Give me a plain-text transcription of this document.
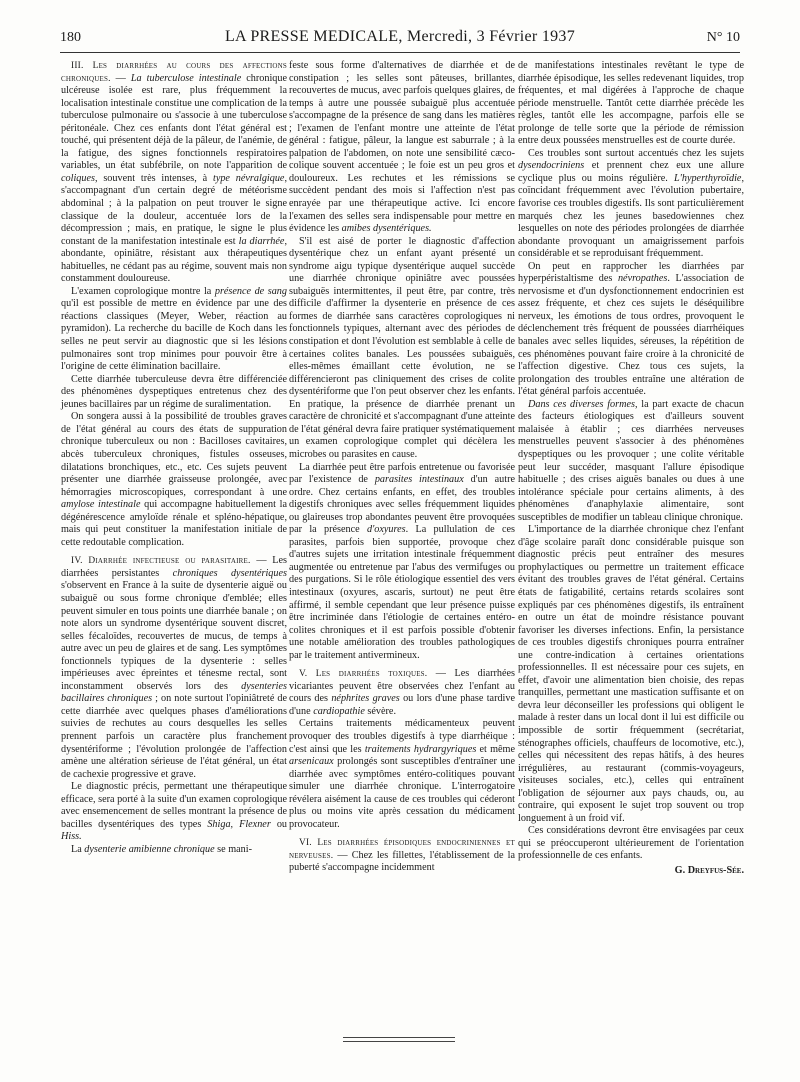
180	LA PRESSE MEDICALE, Mercredi, 3 Février 1937	N° 10

III. Les diarrhées au cours des affections chroniques. — La tuberculose intestinale chronique ulcéreuse isolée est rare, plus fréquemment la localisation intestinale constitue une complication de la tuberculose pulmonaire ou s'associe à une tuberculose péritonéale. Chez ces enfants dont l'état général est touché, qui présentent déjà de la pâleur, de l'anémie, de la fatigue, des signes fonctionnels respiratoires variables, un état subfébrile, on note l'apparition de coliques, souvent très intenses, à type névralgique, s'accompagnant d'un certain degré de météorisme abdominal ; à la palpation on peut trouver le signe classique de la douleur, accentuée lors de la décompression ; mais, en pratique, le signe le plus constant de la manifestation intestinale est la diarrhée, abondante, opiniâtre, résistant aux thérapeutiques habituelles, ne cédant pas au régime, souvent mais non constamment douloureuse.

L'examen coprologique montre la présence de sang qu'il est possible de mettre en évidence par une des réactions classiques (Meyer, Weber, réaction au pyramidon). La recherche du bacille de Koch dans les selles ne peut servir au diagnostic que si les lésions pulmonaires sont trop minimes pour pouvoir être à l'origine de cette élimination bacillaire.

Cette diarrhée tuberculeuse devra être différenciée des phénomènes dyspeptiques entretenus chez des jeunes bacillaires par un régime de suralimentation.

On songera aussi à la possibilité de troubles graves de l'état général au cours des états de suppuration chronique tuberculeux ou non : Bacilloses cavitaires, abcès tuberculeux chroniques, fistules osseuses, dilatations bronchiques, etc., etc. Ces sujets peuvent présenter une diarrhée graisseuse prolongée, avec hémorragies microscopiques, correspondant à une amylose intestinale qui accompagne habituellement la dégénérescence amyloïde rénale et spléno-hépatique, mais qui peut constituer la manifestation initiale de cette redoutable complication.

IV. Diarrhée infectieuse ou parasitaire. — Les diarrhées persistantes chroniques dysentériques s'observent en France à la suite de dysenterie aiguë ou subaiguë ou sous forme chronique d'emblée; elles peuvent simuler en tous points une diarrhée banale ; on note alors un syndrome dysentérique souvent discret, selles fécaloïdes, recouvertes de mucus, de temps à autre avec un peu de glaires et de sang. Les symptômes fonctionnels typiques de la dysenterie : selles impérieuses avec épreintes et ténesme rectal, sont inconstamment observés lors des dysenteries bacillaires chroniques ; on note surtout l'opiniâtreté de cette diarrhée avec quelques phases d'améliorations suivies de rechutes au cours desquelles les selles prennent parfois un caractère plus franchement dysentériforme ; l'évolution prolongée de l'affection amène une altération sérieuse de l'état général, un état de cachexie progressive et grave.

Le diagnostic précis, permettant une thérapeutique efficace, sera porté à la suite d'un examen coprologique avec ensemencement de selles montrant la présence de bacilles dysentériques des types Shiga, Flexner ou Hiss.

La dysenterie amibienne chronique se mani-

feste sous forme d'alternatives de diarrhée et de constipation ; les selles sont pâteuses, brillantes, recouvertes de mucus, avec parfois quelques glaires, de temps à autre une poussée subaiguë plus accentuée s'accompagne de la présence de sang dans les matières ; l'examen de l'enfant montre une atteinte de l'état général : fatigue, pâleur, la langue est saburrale ; à la palpation de l'abdomen, on note une sensibilité cæco-colique souvent accentuée ; le foie est un peu gros et douloureux. Les rechutes et les rémissions se succèdent pendant des mois si l'affection n'est pas enrayée par une thérapeutique active. Ici encore l'examen des selles sera indispensable pour mettre en évidence les amibes dysentériques.

S'il est aisé de porter le diagnostic d'affection dysentérique chez un enfant ayant présenté un syndrome aigu typique dysentérique auquel succède une diarrhée chronique opiniâtre avec poussées subaiguës intermittentes, il peut être, par contre, très difficile d'affirmer la dysenterie en présence de ces formes de diarrhée sans caractères coprologiques ni fonctionnels typiques, alternant avec des périodes de constipation et dont l'évolution est semblable à celle de certaines colites banales. Les poussées subaiguës, elles-mêmes émaillant cette évolution, ne se différencieront pas cliniquement des crises de colite dysentériforme que l'on peut observer chez les enfants. En pratique, la présence de diarrhée prenant un caractère de chronicité et s'accompagnant d'une atteinte de l'état général devra faire pratiquer systématiquement un examen coprologique complet qui décèlera les microbes ou parasites en cause.

La diarrhée peut être parfois entretenue ou favorisée par l'existence de parasites intestinaux d'un autre ordre. Chez certains enfants, en effet, des troubles digestifs chroniques avec selles fréquemment liquides ou glaireuses trop abondantes peuvent être provoquées par la présence d'oxyures. La pullulation de ces parasites, parfois bien supportée, provoque chez d'autres sujets une irritation intestinale fréquemment augmentée ou entretenue par l'abus des vermifuges ou des purgations. Si le rôle étiologique essentiel des vers intestinaux (oxyures, ascaris, surtout) ne peut être affirmé, il semble cependant que leur présence puisse être incriminée dans l'étiologie de certaines entéro-colites chroniques et il est parfois possible d'obtenir une notable amélioration des troubles pathologiques par le traitement antivermineux.

V. Les diarrhées toxiques. — Les diarrhées vicariantes peuvent être observées chez l'enfant au cours des néphrites graves ou lors d'une phase tardive d'une cardiopathie sévère.

Certains traitements médicamenteux peuvent provoquer des troubles digestifs à type diarrhéique : c'est ainsi que les traitements hydrargyriques et même arsenicaux prolongés sont susceptibles d'entraîner une diarrhée avec symptômes entéro-colitiques pouvant simuler une diarrhée chronique. L'interrogatoire révélera aisément la cause de ces troubles qui céderont plus ou moins vite après cessation du médicament provocateur.

VI. Les diarrhées épisodiques endocriniennes et nerveuses. — Chez les fillettes, l'établissement de la puberté s'accompagne incidemment

de manifestations intestinales revêtant le type de diarrhée épisodique, les selles redevenant liquides, trop fréquentes, et mal digérées à l'approche de chaque période menstruelle. Tantôt cette diarrhée précède les règles, tantôt elle les accompagne, parfois elle se prolonge de telle sorte que la période de rémission entre deux poussées menstruelles est de courte durée.

Ces troubles sont surtout accentués chez les sujets dysendocriniens et prennent chez eux une allure cyclique plus ou moins régulière. L'hyperthyroïdie, coïncidant fréquemment avec l'évolution pubertaire, favorise ces troubles digestifs. Ils sont particulièrement marqués chez les jeunes basedowiennes chez lesquelles on note des périodes prolongées de diarrhée abondante provoquant un amaigrissement parfois considérable et se reproduisant fréquemment.

On peut en rapprocher les diarrhées par hyperpéristaltisme des névropathes. L'association de nervosisme et d'un dysfonctionnement endocrinien est assez fréquente, et chez ces sujets le déséquilibre nerveux, les émotions de tous ordres, provoquent le déclenchement très fréquent de poussées diarrhéiques banales avec selles liquides, séreuses, la répétition de ces phénomènes pouvant faire croire à la chronicité de l'affection digestive. Chez tous ces sujets, la prolongation des troubles entraîne une altération de l'état général parfois accentuée.

Dans ces diverses formes, la part exacte de chacun des facteurs étiologiques est d'ailleurs souvent malaisée à établir ; ces diarrhées nerveuses menstruelles peuvent s'associer à des phénomènes dyspeptiques ou les provoquer ; une colite véritable peut leur succéder, masquant l'allure épisodique habituelle ; des crises aiguës banales ou dues à une intolérance spéciale pour certains aliments, à des phénomènes d'anaphylaxie alimentaire, sont susceptibles de modifier un tableau clinique chronique.

L'importance de la diarrhée chronique chez l'enfant d'âge scolaire paraît donc considérable puisque son diagnostic précis peut entraîner des mesures prophylactiques ou permettre un traitement efficace évitant des troubles graves de l'état général. Certains états de fatigabilité, certains retards scolaires sont expliqués par ces phénomènes digestifs, ils entraînent en outre un état de moindre résistance pouvant favoriser les diverses infections. Enfin, la persistance de ces troubles digestifs chroniques pourra entraîner une contre-indication à certaines orientations professionnelles. Il est nécessaire pour ces sujets, en effet, d'avoir une alimentation bien choisie, des repas tranquilles, permettant une mastication suffisante et on devra leur déconseiller les professions qui obligent le malade à rester dans un local dont il lui est difficile ou impossible de sortir fréquemment (secrétariat, sténographes officiels, chauffeurs de locomotive, etc.), celles qui nécessitent des repas hâtifs, à des heures irrégulières, au restaurant (commis-voyageurs, visiteuses sociales, etc.), celles qui entraînent l'obligation de séjourner aux pays chauds, ou, au contraire, qui exposent le sujet trop souvent ou trop longuement à un froid vif.

Ces considérations devront être envisagées par ceux qui se préoccuperont ultérieurement de l'orientation professionnelle de ces enfants.

G. Dreyfus-Sée.
